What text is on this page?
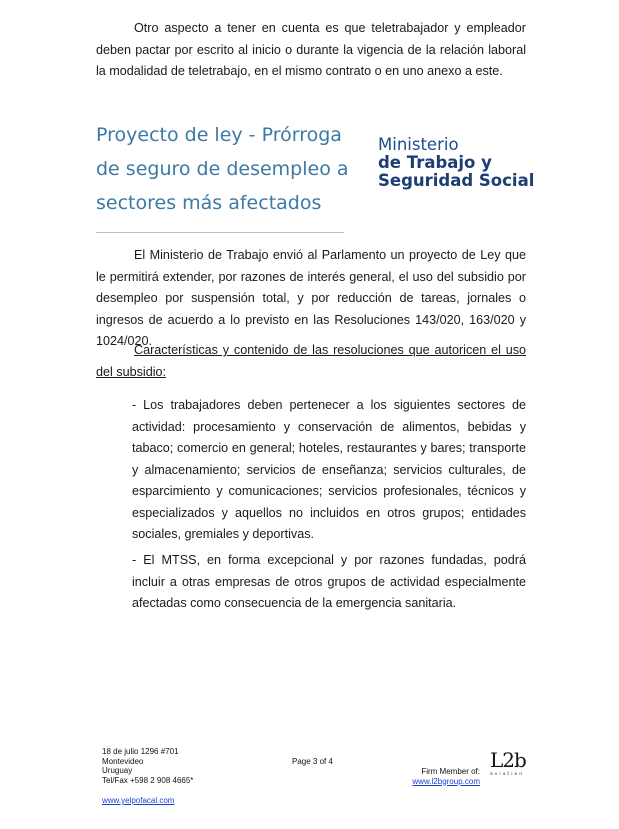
Otro aspecto a tener en cuenta es que teletrabajador y empleador deben pactar por escrito al inicio o durante la vigencia de la relación laboral la modalidad de teletrabajo, en el mismo contrato o en uno anexo a este.

Proyecto de ley - Prórroga de seguro de desempleo a sectores más afectados
Ministerio
de Trabajo y
Seguridad Social

El Ministerio de Trabajo envió al Parlamento un proyecto de Ley que le permitirá extender, por razones de interés general, el uso del subsidio por desempleo por suspensión total, y por reducción de tareas, jornales o ingresos de acuerdo a lo previsto en las Resoluciones 143/020, 163/020 y 1024/020.

Características y contenido de las resoluciones que autoricen el uso del subsidio:

- Los trabajadores deben pertenecer a los siguientes sectores de actividad: procesamiento y conservación de alimentos, bebidas y tabaco; comercio en general; hoteles, restaurantes y bares; transporte y almacenamiento; servicios de enseñanza; servicios culturales, de esparcimiento y comunicaciones; servicios profesionales, técnicos y especializados y aquellos no incluidos en otros grupos; entidades sociales, gremiales y deportivas.

- El MTSS, en forma excepcional y por razones fundadas, podrá incluir a otras empresas de otros grupos de actividad especialmente afectadas como consecuencia de la emergencia sanitaria.

18 de julio 1296 #701
Montevideo
Uruguay
Tel/Fax +598 2 908 4665*
Page 3 of 4
www.yelpofacal.com
Firm Member of:
www.l2bgroup.com
L2b
aviation
